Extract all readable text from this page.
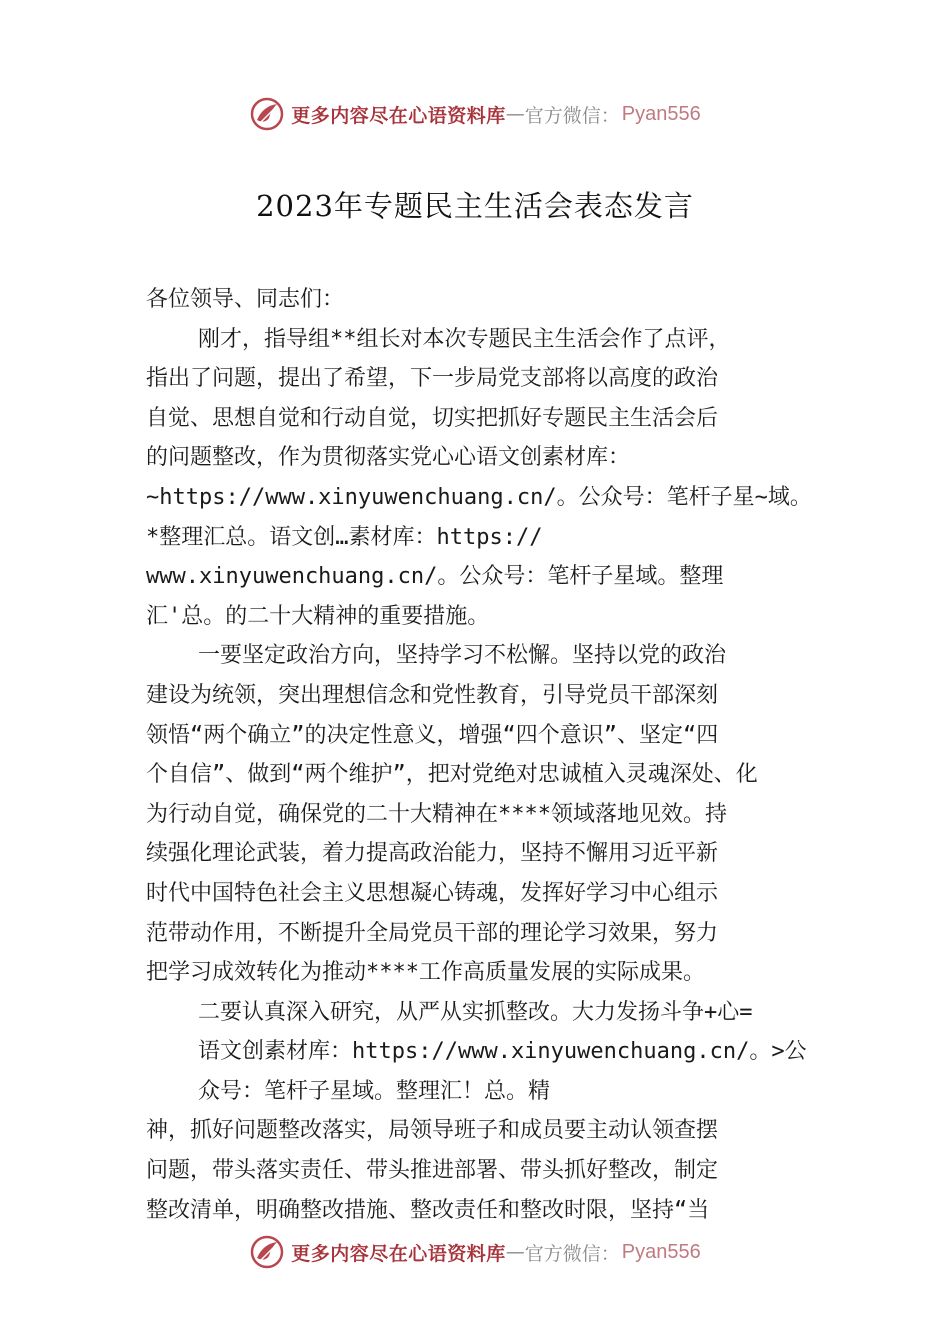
更多内容尽在心语资料库 — 官方微信： Pyan556
2023年专题民主生活会表态发言
各位领导、同志们：
刚才，指导组**组长对本次专题民主生活会作了点评，
指出了问题，提出了希望，下一步局党支部将以高度的政治
自觉、思想自觉和行动自觉，切实把抓好专题民主生活会后
的问题整改，作为贯彻落实党心心语文创素材库：
~https://www.xinyuwenchuang.cn/。公众号：笔杆子星~域。
*整理汇总。语文创…素材库：https://
www.xinyuwenchuang.cn/。公众号：笔杆子星域。整理
汇'总。的二十大精神的重要措施。
一要坚定政治方向，坚持学习不松懈。坚持以党的政治
建设为统领，突出理想信念和党性教育，引导党员干部深刻
领悟“两个确立”的决定性意义，增强“四个意识”、坚定“四
个自信”、做到“两个维护”，把对党绝对忠诚植入灵魂深处、化
为行动自觉，确保党的二十大精神在****领域落地见效。持
续强化理论武装，着力提高政治能力，坚持不懈用习近平新
时代中国特色社会主义思想凝心铸魂，发挥好学习中心组示
范带动作用，不断提升全局党员干部的理论学习效果，努力
把学习成效转化为推动****工作高质量发展的实际成果。
二要认真深入研究，从严从实抓整改。大力发扬斗争+心=
语文创素材库：https://www.xinyuwenchuang.cn/。>公
众号：笔杆子星域。整理汇！总。精
神，抓好问题整改落实，局领导班子和成员要主动认领查摆
问题，带头落实责任、带头推进部署、带头抓好整改，制定
整改清单，明确整改措施、整改责任和整改时限，坚持“当
更多内容尽在心语资料库 — 官方微信： Pyan556
